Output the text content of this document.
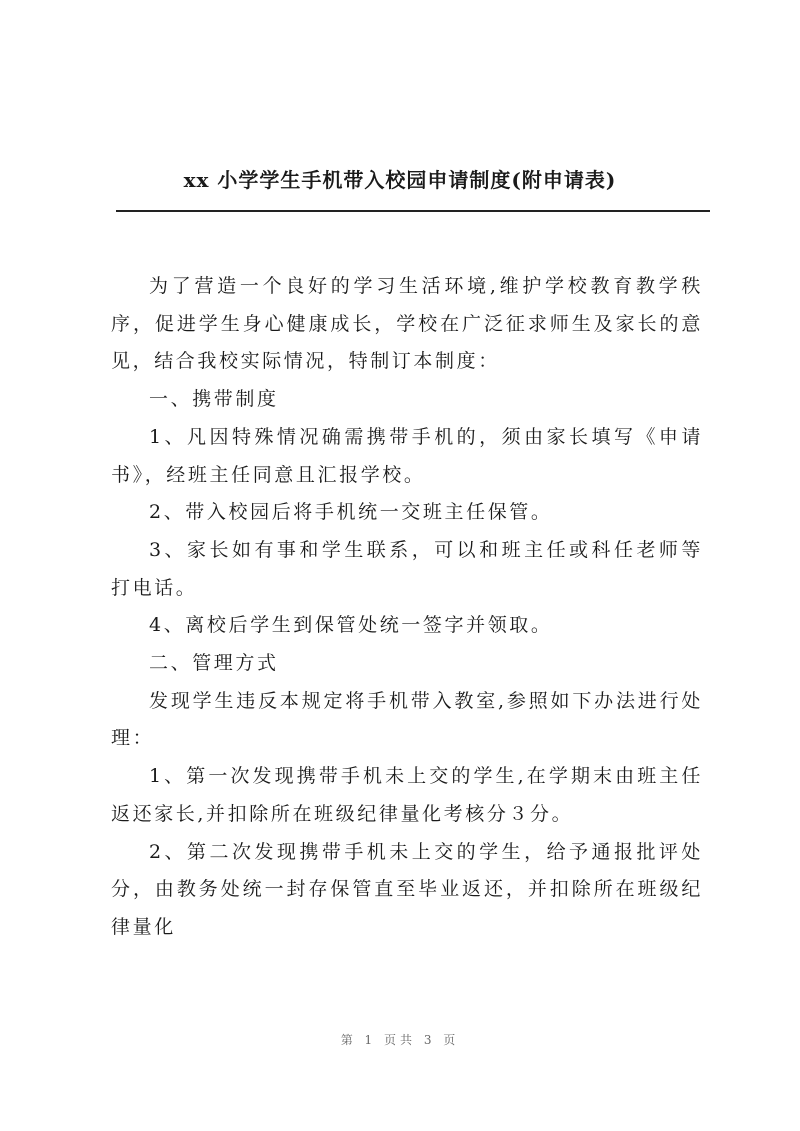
xx 小学学生手机带入校园申请制度(附申请表)

为了营造一个良好的学习生活环境,维护学校教育教学秩序，促进学生身心健康成长，学校在广泛征求师生及家长的意见，结合我校实际情况，特制订本制度：

一、携带制度

1、凡因特殊情况确需携带手机的，须由家长填写《申请书》，经班主任同意且汇报学校。

2、带入校园后将手机统一交班主任保管。

3、家长如有事和学生联系，可以和班主任或科任老师等打电话。

4、离校后学生到保管处统一签字并领取。

二、管理方式

发现学生违反本规定将手机带入教室,参照如下办法进行处理：

1、第一次发现携带手机未上交的学生,在学期末由班主任返还家长,并扣除所在班级纪律量化考核分３分。

2、第二次发现携带手机未上交的学生，给予通报批评处分，由教务处统一封存保管直至毕业返还，并扣除所在班级纪律量化

第 1 页共 3 页
